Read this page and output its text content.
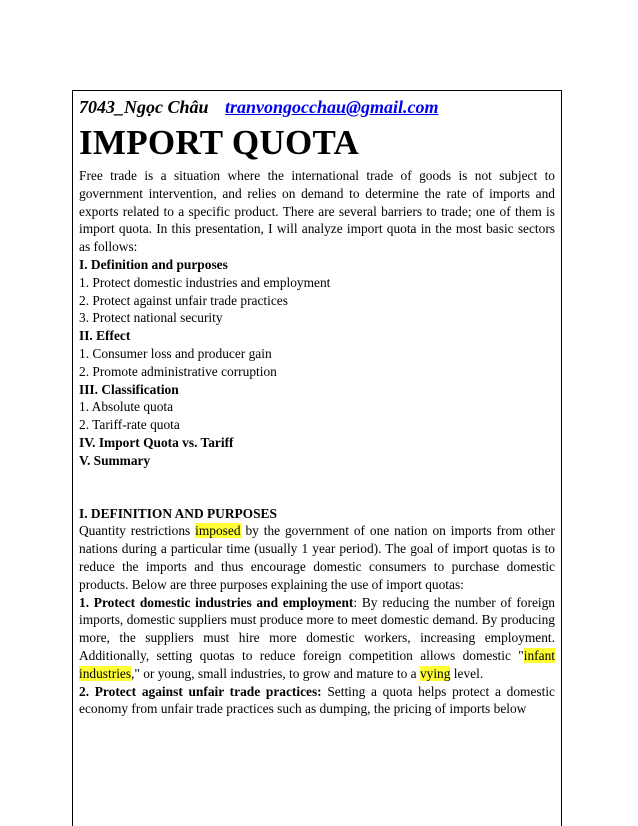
7043_Ngọc Châu tranvongocchau@gmail.com
IMPORT QUOTA

Free trade is a situation where the international trade of goods is not subject to government intervention, and relies on demand to determine the rate of imports and exports related to a specific product. There are several barriers to trade; one of them is import quota. In this presentation, I will analyze import quota in the most basic sectors as follows:

I. Definition and purposes
1. Protect domestic industries and employment
2. Protect against unfair trade practices
3. Protect national security
II. Effect
1. Consumer loss and producer gain
2. Promote administrative corruption
III. Classification
1. Absolute quota
2. Tariff-rate quota
IV. Import Quota vs. Tariff
V. Summary
I. DEFINITION AND PURPOSES

Quantity restrictions imposed by the government of one nation on imports from other nations during a particular time (usually 1 year period). The goal of import quotas is to reduce the imports and thus encourage domestic consumers to purchase domestic products. Below are three purposes explaining the use of import quotas:

1. Protect domestic industries and employment: By reducing the number of foreign imports, domestic suppliers must produce more to meet domestic demand. By producing more, the suppliers must hire more domestic workers, increasing employment. Additionally, setting quotas to reduce foreign competition allows domestic "infant industries," or young, small industries, to grow and mature to a vying level.

2. Protect against unfair trade practices: Setting a quota helps protect a domestic economy from unfair trade practices such as dumping, the pricing of imports below
